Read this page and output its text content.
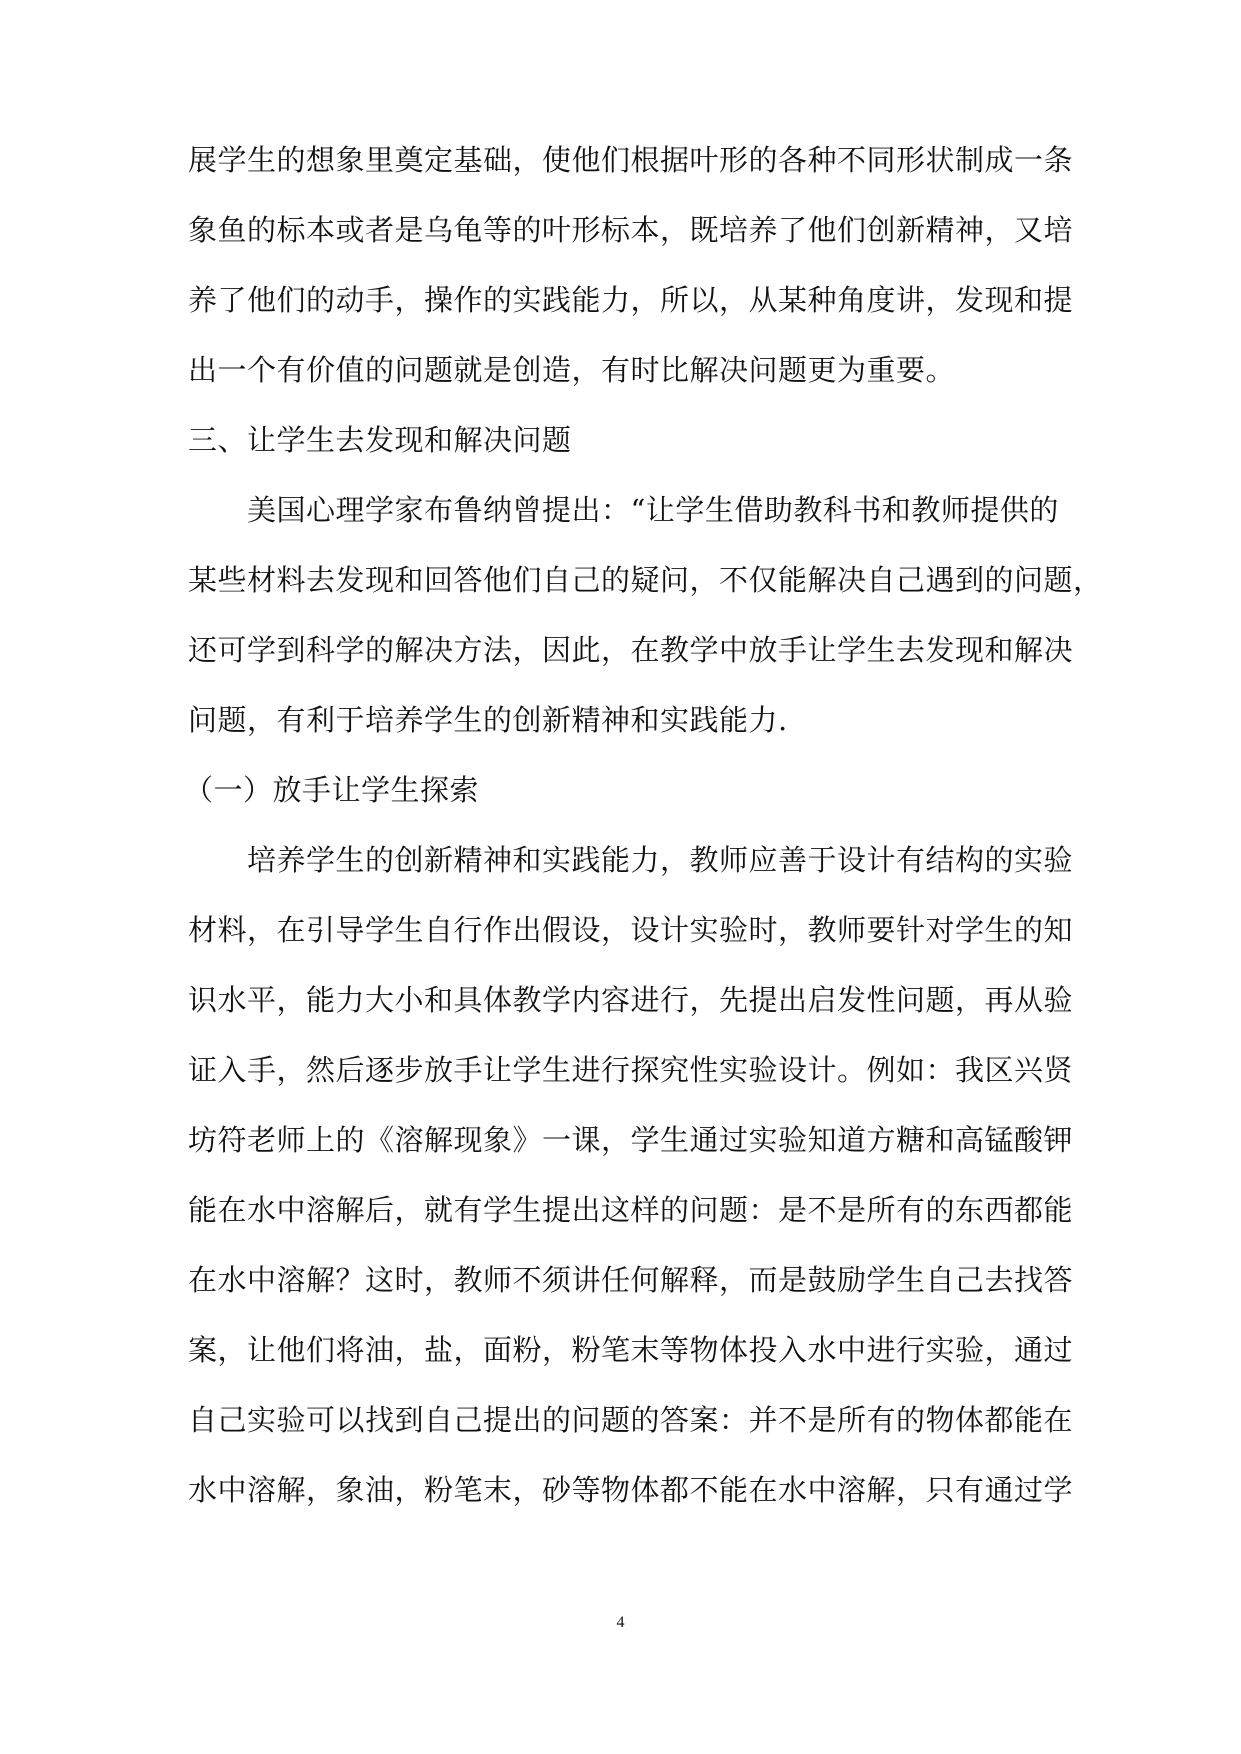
展学生的想象里奠定基础，使他们根据叶形的各种不同形状制成一条
象鱼的标本或者是乌龟等的叶形标本，既培养了他们创新精神，又培
养了他们的动手，操作的实践能力，所以，从某种角度讲，发现和提
出一个有价值的问题就是创造，有时比解决问题更为重要。
三、让学生去发现和解决问题
美国心理学家布鲁纳曾提出：“让学生借助教科书和教师提供的
某些材料去发现和回答他们自己的疑问，不仅能解决自己遇到的问题，
还可学到科学的解决方法，因此，在教学中放手让学生去发现和解决
问题，有利于培养学生的创新精神和实践能力.
（一）放手让学生探索
培养学生的创新精神和实践能力，教师应善于设计有结构的实验
材料，在引导学生自行作出假设，设计实验时，教师要针对学生的知
识水平，能力大小和具体教学内容进行，先提出启发性问题，再从验
证入手，然后逐步放手让学生进行探究性实验设计。例如：我区兴贤
坊符老师上的《溶解现象》一课，学生通过实验知道方糖和高锰酸钾
能在水中溶解后，就有学生提出这样的问题：是不是所有的东西都能
在水中溶解？这时，教师不须讲任何解释，而是鼓励学生自己去找答
案，让他们将油，盐，面粉，粉笔末等物体投入水中进行实验，通过
自己实验可以找到自己提出的问题的答案：并不是所有的物体都能在
水中溶解，象油，粉笔末，砂等物体都不能在水中溶解，只有通过学
4
